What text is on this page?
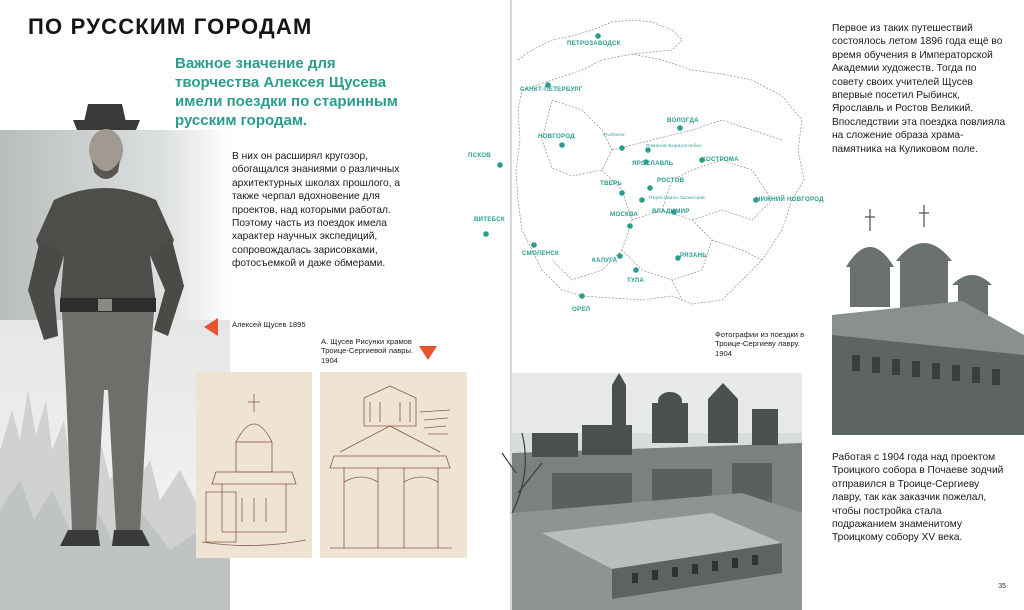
ПО РУССКИМ ГОРОДАМ
Важное значение для творчества Алексея Щусева имели поездки по старинным русским городам.
В них он расширял кругозор, обогащался знаниями о различных архитектурных школах прошлого, а также черпал вдохновение для проектов, над которыми работал. Поэтому часть из поездок имела характер научных экспедиций, сопровождалась зарисовками, фотосъемкой и даже обмерами.
Алексей Щусев 1895
А. Щусев Рисунки храмов Троице-Сергиевой лавры. 1904
ПЕТРОЗАВОДСК
САНКТ-ПЕТЕРБУРГ
ВОЛОГДА
НОВГОРОД	Рыбинск
Романов-Борисоглебск
ПСКОВ
ЯРОСЛАВЛЬ
КОСТРОМА
ТВЕРЬ	РОСТОВ
Переславль-Залесский	НИЖНИЙ НОВГОРОД
ВЛАДИМИР
МОСКВА
ВИТЕБСК
СМОЛЕНСК
КАЛУГА
РЯЗАНЬ
ТУЛА
ОРЁЛ
Фотографии из поездки в Троице-Сергиеву лавру. 1904
Первое из таких путешествий состоялось летом 1896 года ещё во время обучения в Императорской Академии художеств. Тогда по совету своих учителей Щусев впервые посетил Рыбинск, Ярославль и Ростов Великий. Впоследствии эта поездка повлияла на сложение образа храма-памятника на Куликовом поле.
Работая с 1904 года над проектом Троицкого собора в Почаеве зодчий отправился в Троице-Сергиеву лавру, так как заказчик пожелал, чтобы постройка стала подражанием знаменитому Троицкому собору XV века.
35
